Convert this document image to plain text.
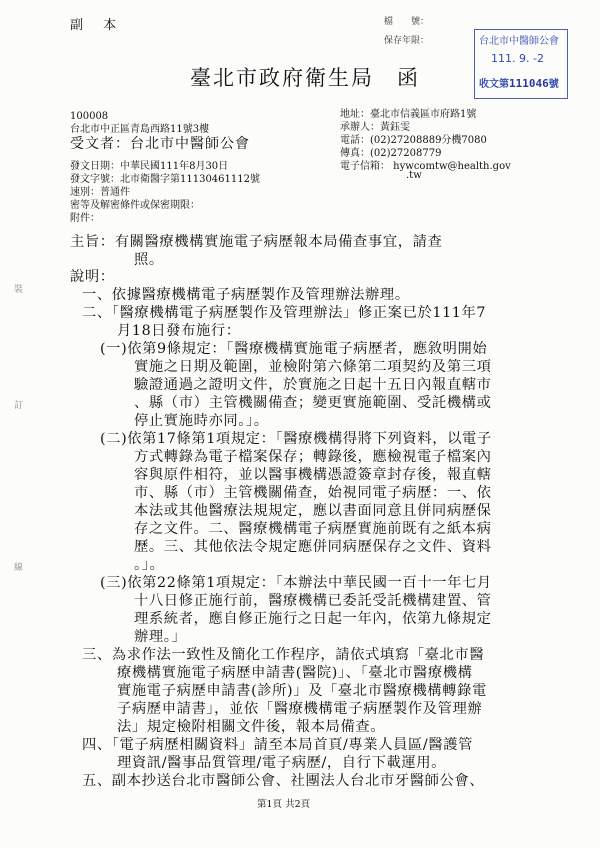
副 本	檔　　號：
保存年限：	台北市中醫師公會
111. 9. -2
收文第111046號
臺北市政府衛生局　函
100008
台北市中正區青島西路11號3樓
受文者：台北市中醫師公會
發文日期：中華民國111年8月30日
發文字號：北市衛醫字第11130461112號
速別：普通件
密等及解密條件或保密期限：
附件：
地址：臺北市信義區市府路1號
承辦人：黃鈺雯
電話：(02)27208889分機7080
傳真：(02)27208779
電子信箱： hywcomtw@health.gov
.tw
主旨：有關醫療機構實施電子病歷報本局備查事宜，請查
照。
說明：
一、依據醫療機構電子病歷製作及管理辦法辦理。
二、「醫療機構電子病歷製作及管理辦法」修正案已於111年7
月18日發布施行：
(一)依第9條規定：「醫療機構實施電子病歷者，應敘明開始
實施之日期及範圍，並檢附第六條第二項契約及第三項
驗證通過之證明文件，於實施之日起十五日內報直轄市
、縣（市）主管機關備查；變更實施範圍、受託機構或
停止實施時亦同。」。
(二)依第17條第1項規定：「醫療機構得將下列資料，以電子
方式轉錄為電子檔案保存；轉錄後，應檢視電子檔案內
容與原件相符，並以醫事機構憑證簽章封存後，報直轄
市、縣（市）主管機關備查，始視同電子病歷：一、依
本法或其他醫療法規規定，應以書面同意且併同病歷保
存之文件。二、醫療機構電子病歷實施前既有之紙本病
歷。三、其他依法令規定應併同病歷保存之文件、資料
。」。
(三)依第22條第1項規定：「本辦法中華民國一百十一年七月
十八日修正施行前，醫療機構已委託受託機構建置、管
理系統者，應自修正施行之日起一年內，依第九條規定
辦理。」
三、為求作法一致性及簡化工作程序，請依式填寫「臺北市醫
療機構實施電子病歷申請書(醫院)」、「臺北市醫療機構
實施電子病歷申請書(診所)」及「臺北市醫療機構轉錄電
子病歷申請書」，並依「醫療機構電子病歷製作及管理辦
法」規定檢附相關文件後，報本局備查。
四、「電子病歷相關資料」請至本局首頁/專業人員區/醫護管
理資訊/醫事品質管理/電子病歷/，自行下載運用。
五、副本抄送台北市醫師公會、社團法人台北市牙醫師公會、
裝
訂
線
第1頁 共2頁
